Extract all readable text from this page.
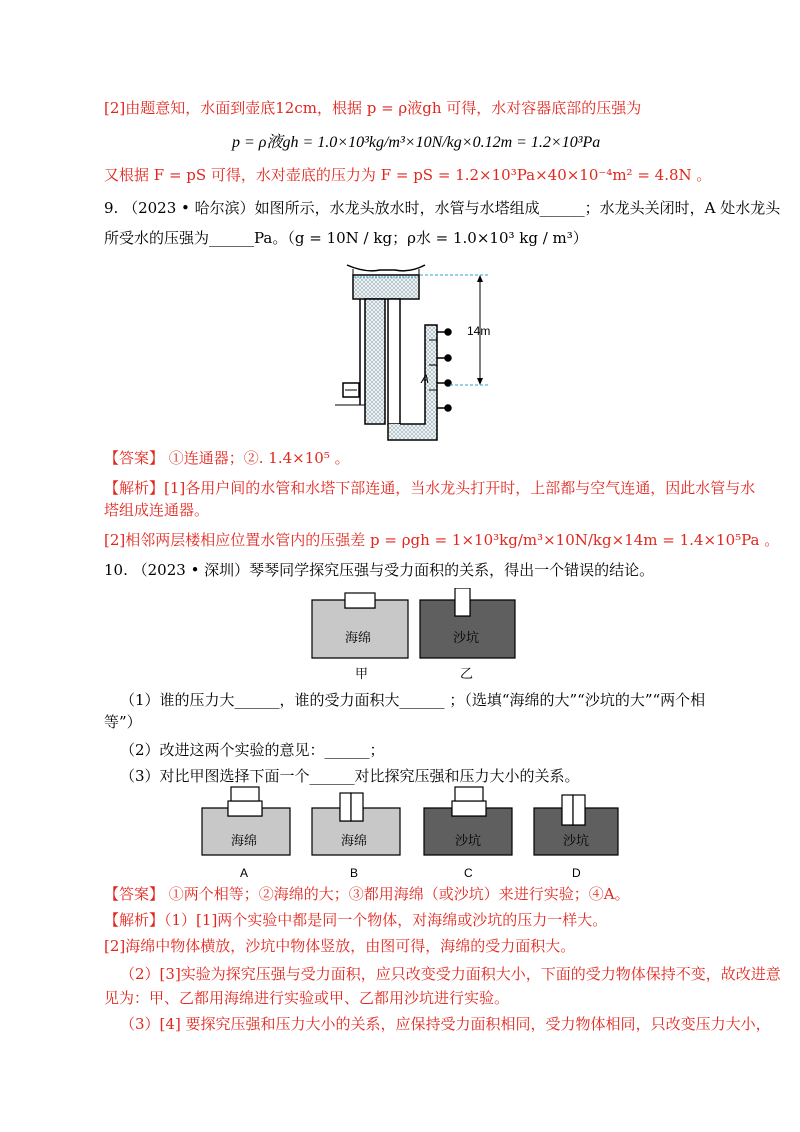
[2]由题意知，水面到壶底12cm，根据 p = ρ液gh 可得，水对容器底部的压强为
p = ρ液gh = 1.0×10³kg/m³×10N/kg×0.12m = 1.2×10³Pa
又根据 F = pS 可得，水对壶底的压力为 F = pS = 1.2×10³Pa×40×10⁻⁴m² = 4.8N 。
9. （2023 • 哈尔滨）如图所示，水龙头放水时，水管与水塔组成______；水龙头关闭时，A 处水龙头
所受水的压强为______Pa。（g = 10N / kg；ρ水 = 1.0×10³ kg / m³）
14m
A
【答案】 ①连通器；②. 1.4×10⁵ 。
【解析】[1]各用户间的水管和水塔下部连通，当水龙头打开时，上部都与空气连通，因此水管与水
塔组成连通器。
[2]相邻两层楼相应位置水管内的压强差 p = ρgh = 1×10³kg/m³×10N/kg×14m = 1.4×10⁵Pa 。
10. （2023 • 深圳）琴琴同学探究压强与受力面积的关系，得出一个错误的结论。
海绵	沙坑
甲	乙
（1）谁的压力大______，谁的受力面积大______ ；（选填“海绵的大”“沙坑的大”“两个相
等”）
（2）改进这两个实验的意见：______；
（3）对比甲图选择下面一个______对比探究压强和压力大小的关系。
海绵
A
海绵
B
沙坑
C
沙坑
D
【答案】 ①两个相等；②海绵的大；③都用海绵（或沙坑）来进行实验；④A。
【解析】（1）[1]两个实验中都是同一个物体，对海绵或沙坑的压力一样大。
[2]海绵中物体横放，沙坑中物体竖放，由图可得，海绵的受力面积大。
（2）[3]实验为探究压强与受力面积，应只改变受力面积大小，下面的受力物体保持不变，故改进意
见为：甲、乙都用海绵进行实验或甲、乙都用沙坑进行实验。
（3）[4] 要探究压强和压力大小的关系，应保持受力面积相同，受力物体相同，只改变压力大小，
